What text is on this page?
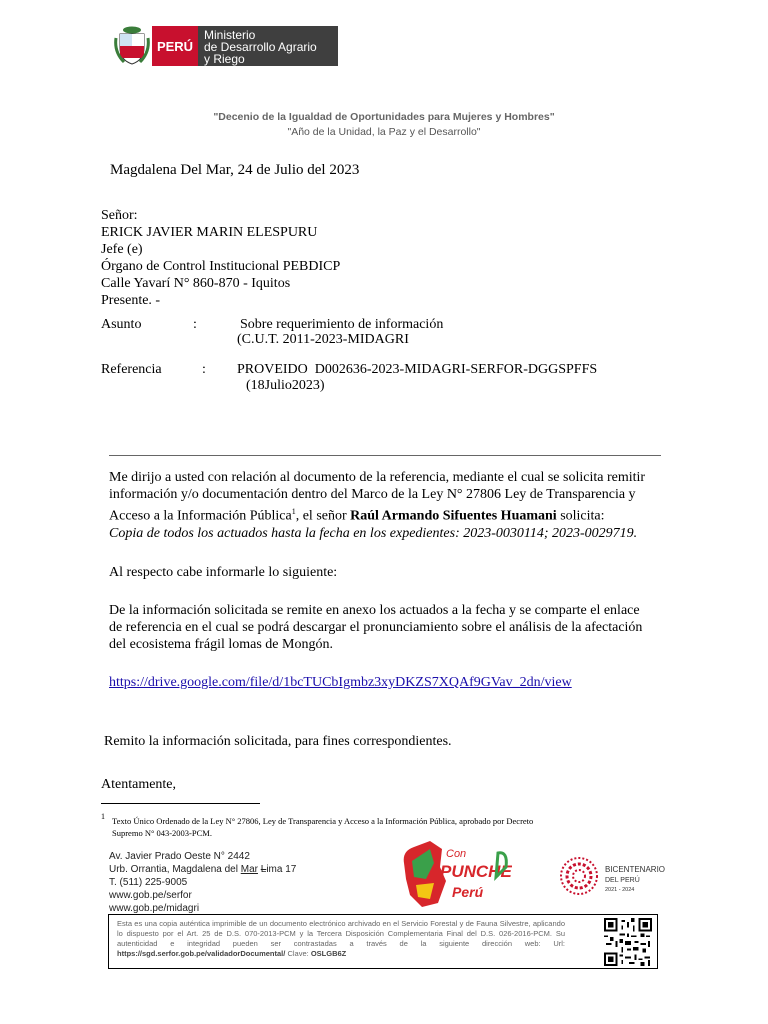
PERÚ
Ministerio
de Desarrollo Agrario
y Riego
"Decenio de la Igualdad de Oportunidades para Mujeres y Hombres"
"Año de la Unidad, la Paz y el Desarrollo"
Magdalena Del Mar, 24 de Julio del 2023
Señor:
ERICK JAVIER MARIN ELESPURU
Jefe (e)
Órgano de Control Institucional PEBDICP
Calle Yavarí N° 860-870 - Iquitos
Presente. -
Asunto	:	Sobre requerimiento de información
(C.U.T. 2011-2023-MIDAGRI
Referencia	: PROVEIDO  D002636-2023-MIDAGRI-SERFOR-DGGSPFFS
(18Julio2023)
Me dirijo a usted con relación al documento de la referencia, mediante el cual se solicita remitir
información y/o documentación dentro del Marco de la Ley N° 27806 Ley de Transparencia y
Acceso a la Información Pública$^1$, el señor Raúl Armando Sifuentes Huamani solicita:
Copia de todos los actuados hasta la fecha en los expedientes: 2023-0030114; 2023-0029719.
Al respecto cabe informarle lo siguiente:
De la información solicitada se remite en anexo los actuados a la fecha y se comparte el enlace
de referencia en el cual se podrá descargar el pronunciamiento sobre el análisis de la afectación
del ecosistema frágil lomas de Mongón.
https://drive.google.com/file/d/1bcTUCbIgmbz3xyDKZS7XQAf9GVav_2dn/view
Remito la información solicitada, para fines correspondientes.
Atentamente,
1 Texto Único Ordenado de la Ley N° 27806, Ley de Transparencia y Acceso a la Información Pública, aprobado por Decreto
Supremo N° 043-2003-PCM.
Av. Javier Prado Oeste N° 2442
Urb. Orrantia, Magdalena del Mar Lima 17
T. (511) 225-9005
www.gob.pe/serfor
www.gob.pe/midagri
Con
PUNCHE
Perú
BICENTENARIO
DEL PERÚ
2021 - 2024
Esta es una copia auténtica imprimible de un documento electrónico archivado en el Servicio Forestal y de Fauna Silvestre, aplicando lo dispuesto por el Art. 25 de D.S. 070-2013-PCM y la Tercera Disposición Complementaria Final del D.S. 026-2016-PCM. Su autenticidad e integridad pueden ser contrastadas a través de la siguiente dirección web: Url: https://sgd.serfor.gob.pe/validadorDocumental/ Clave: OSLGB6Z
